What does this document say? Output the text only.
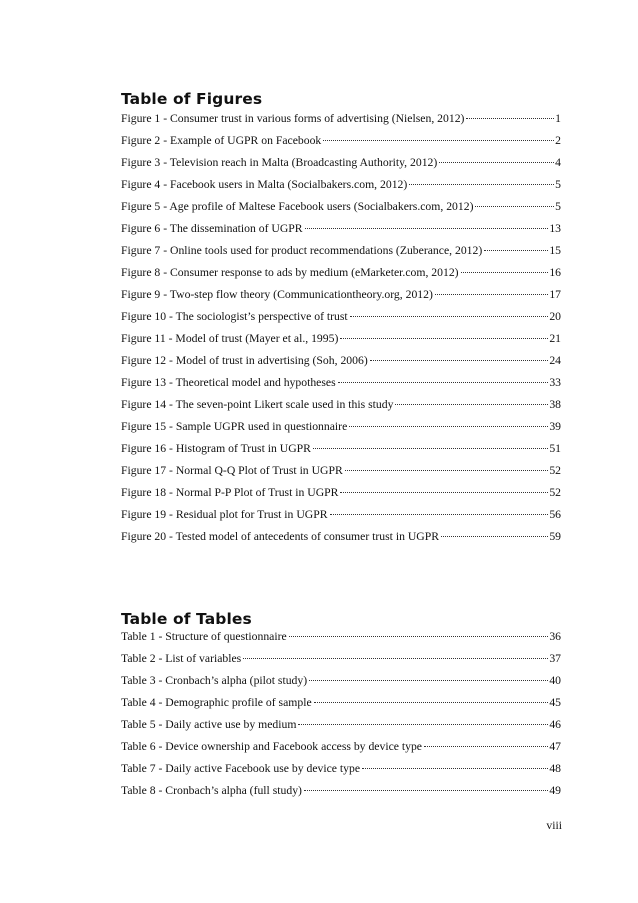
Table of Figures
Figure 1 - Consumer trust in various forms of advertising (Nielsen, 2012)	1
Figure 2 - Example of UGPR on Facebook	2
Figure 3 - Television reach in Malta (Broadcasting Authority, 2012)	4
Figure 4 - Facebook users in Malta (Socialbakers.com, 2012)	5
Figure 5 - Age profile of Maltese Facebook users (Socialbakers.com, 2012)	5
Figure 6 - The dissemination of UGPR	13
Figure 7 - Online tools used for product recommendations (Zuberance, 2012)	15
Figure 8 - Consumer response to ads by medium (eMarketer.com, 2012)	16
Figure 9 - Two-step flow theory (Communicationtheory.org, 2012)	17
Figure 10 - The sociologist’s perspective of trust	20
Figure 11 - Model of trust (Mayer et al., 1995)	21
Figure 12 - Model of trust in advertising (Soh, 2006)	24
Figure 13 - Theoretical model and hypotheses	33
Figure 14 - The seven-point Likert scale used in this study	38
Figure 15 - Sample UGPR used in questionnaire	39
Figure 16 - Histogram of Trust in UGPR	51
Figure 17 - Normal Q-Q Plot of Trust in UGPR	52
Figure 18 - Normal P-P Plot of Trust in UGPR	52
Figure 19 - Residual plot for Trust in UGPR	56
Figure 20 - Tested model of antecedents of consumer trust in UGPR	59
Table of Tables
Table 1 - Structure of questionnaire	36
Table 2 - List of variables	37
Table 3 - Cronbach’s alpha (pilot study)	40
Table 4 - Demographic profile of sample	45
Table 5 - Daily active use by medium	46
Table 6 - Device ownership and Facebook access by device type	47
Table 7 - Daily active Facebook use by device type	48
Table 8 - Cronbach’s alpha (full study)	49
viii
